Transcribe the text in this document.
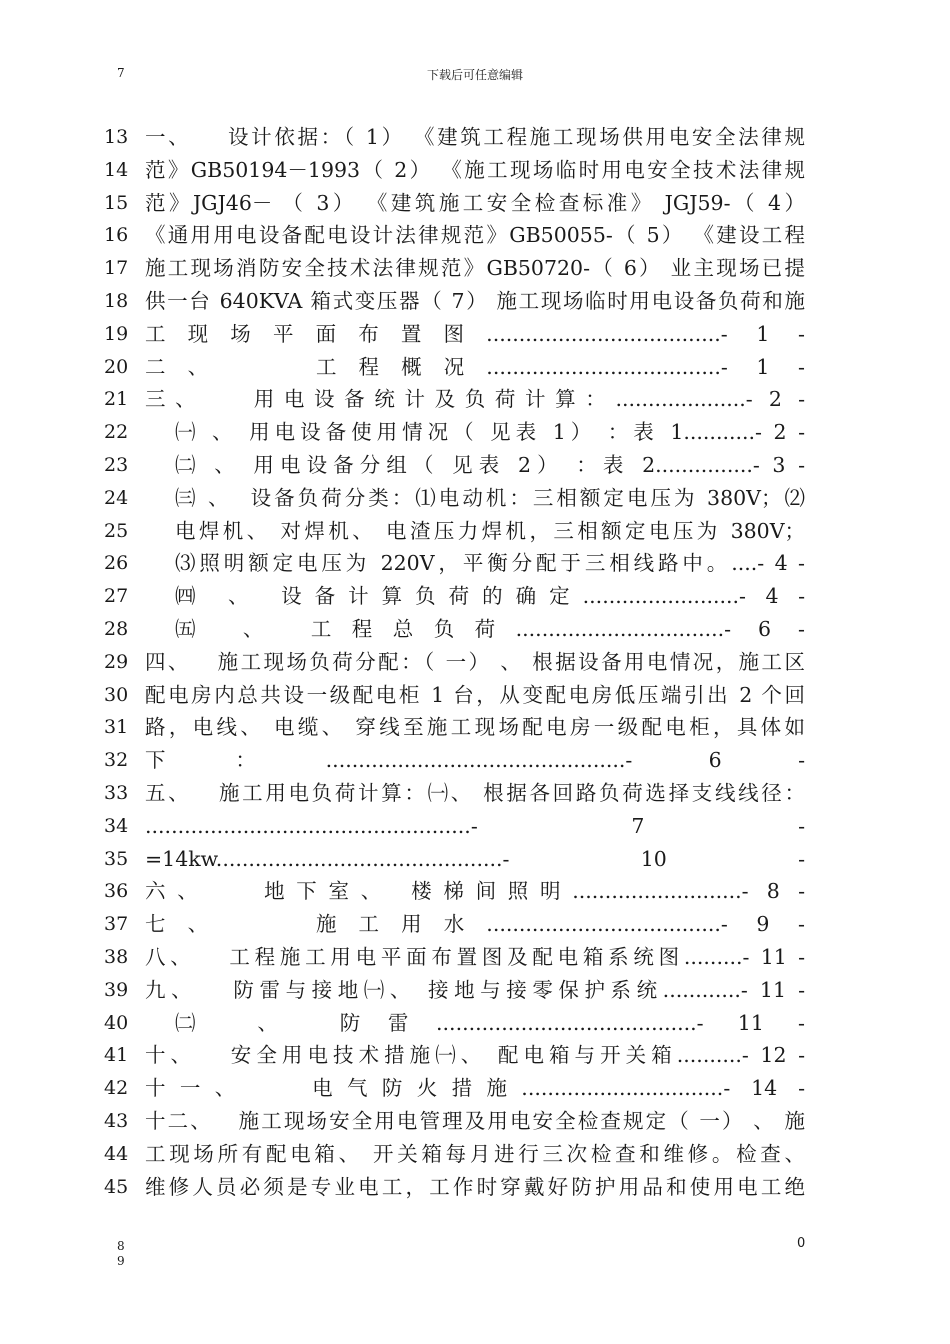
7	下载后可任意编辑
13 一、    设计依据：（ 1） 《建筑工程施工现场供用电安全法律规
14 范》GB50194－1993（ 2） 《施工现场临时用电安全技术法律规
15 范》JGJ46－ （ 3） 《建筑施工安全检查标准》 JGJ59-（ 4）
16 《通用用电设备配电设计法律规范》GB50055-（ 5） 《建设工程
17 施工现场消防安全技术法律规范》GB50720-（ 6） 业主现场已提
18 供一台 640KVA 箱式变压器（ 7） 施工现场临时用电设备负荷和施
19 工现场平面布置图....................................- 1 -
20 二、   工程概况....................................- 1 -
21 三、   用电设备统计及负荷计算：....................- 2 -
22 ㈠ 、 用电设备使用情况（ 见表 1） ：表 1...........- 2 -
23 ㈡ 、 用电设备分组（ 见表 2） ：表 2...............- 3 -
24 ㈢ 、  设备负荷分类：⑴电动机：三相额定电压为 380V；⑵
25 电焊机、 对焊机、 电渣压力焊机，三相额定电压为 380V；
26 ⑶照明额定电压为 220V，平衡分配于三相线路中。....- 4 -
27 ㈣ 、 设备计算负荷的确定........................- 4 -
28 ㈤ 、 工程总负荷................................- 6 -
29 四、   施工现场负荷分配：（ 一） 、 根据设备用电情况，施工区
30 配电房内总共设一级配电柜 1 台，从变配电房低压端引出 2 个回
31 路，电线、 电缆、 穿线至施工现场配电房一级配电柜，具体如
32 下：..............................................- 6 -
33 五、   施工用电负荷计算：㈠、 根据各回路负荷选择支线线径：
34 ..................................................- 7 -
35 =14kw............................................- 10 -
36 六、   地下室、 楼梯间照明..........................- 8 -
37 七、   施工用水....................................- 9 -
38 八、   工程施工用电平面布置图及配电箱系统图.........- 11 -
39 九、   防雷与接地㈠、 接地与接零保护系统............- 11 -
40 ㈡ 、 防雷........................................- 11 -
41 十、   安全用电技术措施㈠、 配电箱与开关箱..........- 12 -
42 十一、   电气防火措施...............................- 14 -
43 十二、   施工现场安全用电管理及用电安全检查规定（ 一） 、 施
44 工现场所有配电箱、 开关箱每月进行三次检查和维修。检查、
45 维修人员必须是专业电工，工作时穿戴好防护用品和使用电工绝
8
9
0
